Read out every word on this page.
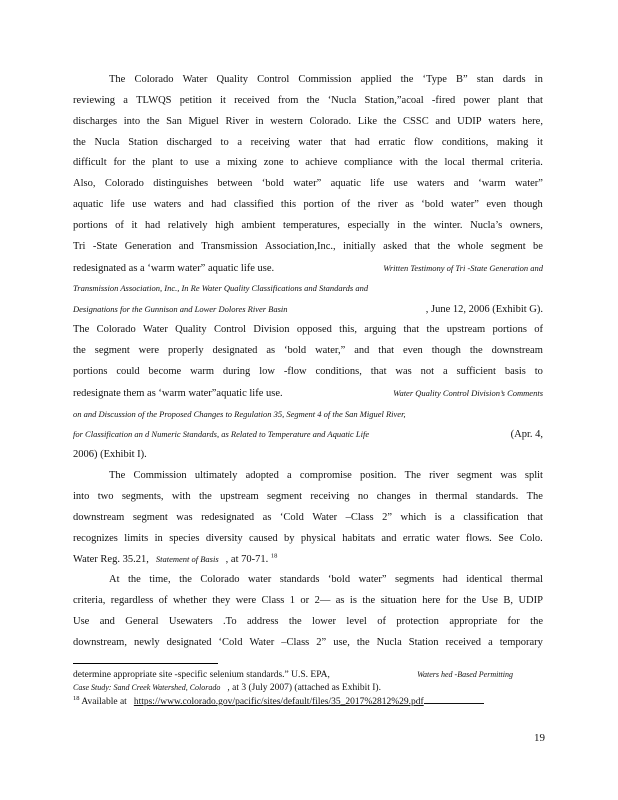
The Colorado Water Quality Control Commission applied the ‘Type B” stan dards in
reviewing a TLWQS petition it received from the ‘Nucla Station,”acoal -fired power plant that
discharges into the San Miguel River in western Colorado. Like the CSSC and UDIP waters here,
the Nucla Station discharged to a receiving water that had erratic flow conditions, making it
difficult for the plant to use a mixing zone to achieve compliance with the local thermal criteria.
Also, Colorado distinguishes between ‘bold water” aquatic life use waters and ‘warm water”
aquatic life use waters and had classified this portion of the river as ‘bold water” even though
portions of it had relatively high ambient temperatures, especially in the winter. Nucla’s owners,
Tri -State Generation and Transmission Association,Inc., initially asked that the whole segment be
redesignated as a ‘warm water” aquatic life use.	Written Testimony of Tri -State Generation and
Transmission Association, Inc., In Re Water Quality Classifications and Standards and
Designations for the Gunnison and Lower Dolores River Basin	, June 12, 2006 (Exhibit G).
The Colorado Water Quality Control Division opposed this, arguing that the upstream portions of
the segment were properly designated as ‘bold water,” and that even though the downstream
portions could become warm during low -flow conditions, that was not a sufficient basis to
redesignate them as ‘warm water”aquatic life use.	Water Quality Control Division’s Comments
on and Discussion of the Proposed Changes to Regulation 35, Segment 4 of the San Miguel River,
for Classification an d Numeric Standards, as Related to Temperature and Aquatic Life	(Apr. 4,
2006) (Exhibit I).
The Commission ultimately adopted a compromise position. The river segment was split
into two segments, with the upstream segment receiving no changes in thermal standards. The
downstream segment was redesignated as ‘Cold Water –Class 2” which is a classification that
recognizes limits in species diversity caused by physical habitats and erratic water flows. See Colo.
Water Reg. 35.21, Statement of Basis , at 70-71. $^{18}$
At the time, the Colorado water standards ‘bold water” segments had identical thermal
criteria, regardless of whether they were Class 1 or 2— as is the situation here for the Use B, UDIP
Use and General Usewaters .To address the lower level of protection appropriate for the
downstream, newly designated ‘Cold Water –Class 2” use, the Nucla Station received a temporary
determine appropriate site -specific selenium standards.” U.S. EPA,	Waters hed -Based Permitting
Case Study: Sand Creek Watershed, Colorado , at 3 (July 2007) (attached as Exhibit I).
$^{18}$ Available at https://www.colorado.gov/pacific/sites/default/files/35_2017%2812%29.pdf
19
